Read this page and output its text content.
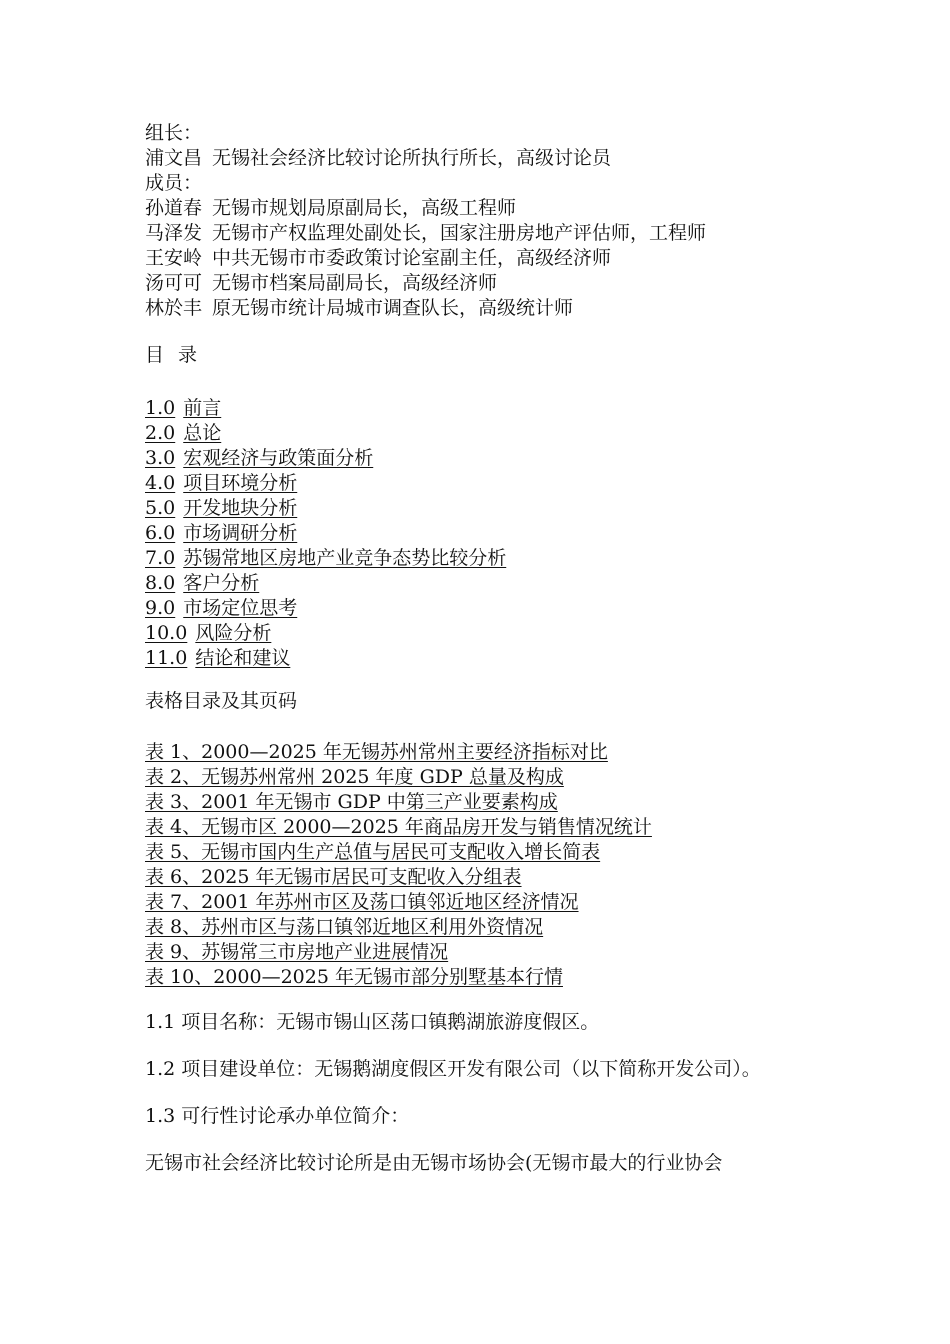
组长：
浦文昌 无锡社会经济比较讨论所执行所长，高级讨论员
成员：
孙道春 无锡市规划局原副局长，高级工程师
马泽发 无锡市产权监理处副处长，国家注册房地产评估师，工程师
王安岭 中共无锡市市委政策讨论室副主任，高级经济师
汤可可 无锡市档案局副局长，高级经济师
林於丰 原无锡市统计局城市调查队长，高级统计师
目 录
1.0 前言
2.0 总论
3.0 宏观经济与政策面分析
4.0 项目环境分析
5.0 开发地块分析
6.0 市场调研分析
7.0 苏锡常地区房地产业竞争态势比较分析
8.0 客户分析
9.0 市场定位思考
10.0 风险分析
11.0 结论和建议
表格目录及其页码
表 1、2000—2025 年无锡苏州常州主要经济指标对比
表 2、无锡苏州常州 2025 年度 GDP 总量及构成
表 3、2001 年无锡市 GDP 中第三产业要素构成
表 4、无锡市区 2000—2025 年商品房开发与销售情况统计
表 5、无锡市国内生产总值与居民可支配收入增长简表
表 6、2025 年无锡市居民可支配收入分组表
表 7、2001 年苏州市区及荡口镇邻近地区经济情况
表 8、苏州市区与荡口镇邻近地区利用外资情况
表 9、苏锡常三市房地产业进展情况
表 10、2000—2025 年无锡市部分别墅基本行情
1.1 项目名称：无锡市锡山区荡口镇鹅湖旅游度假区。
1.2 项目建设单位：无锡鹅湖度假区开发有限公司（以下简称开发公司）。
1.3 可行性讨论承办单位简介：
无锡市社会经济比较讨论所是由无锡市场协会(无锡市最大的行业协会
